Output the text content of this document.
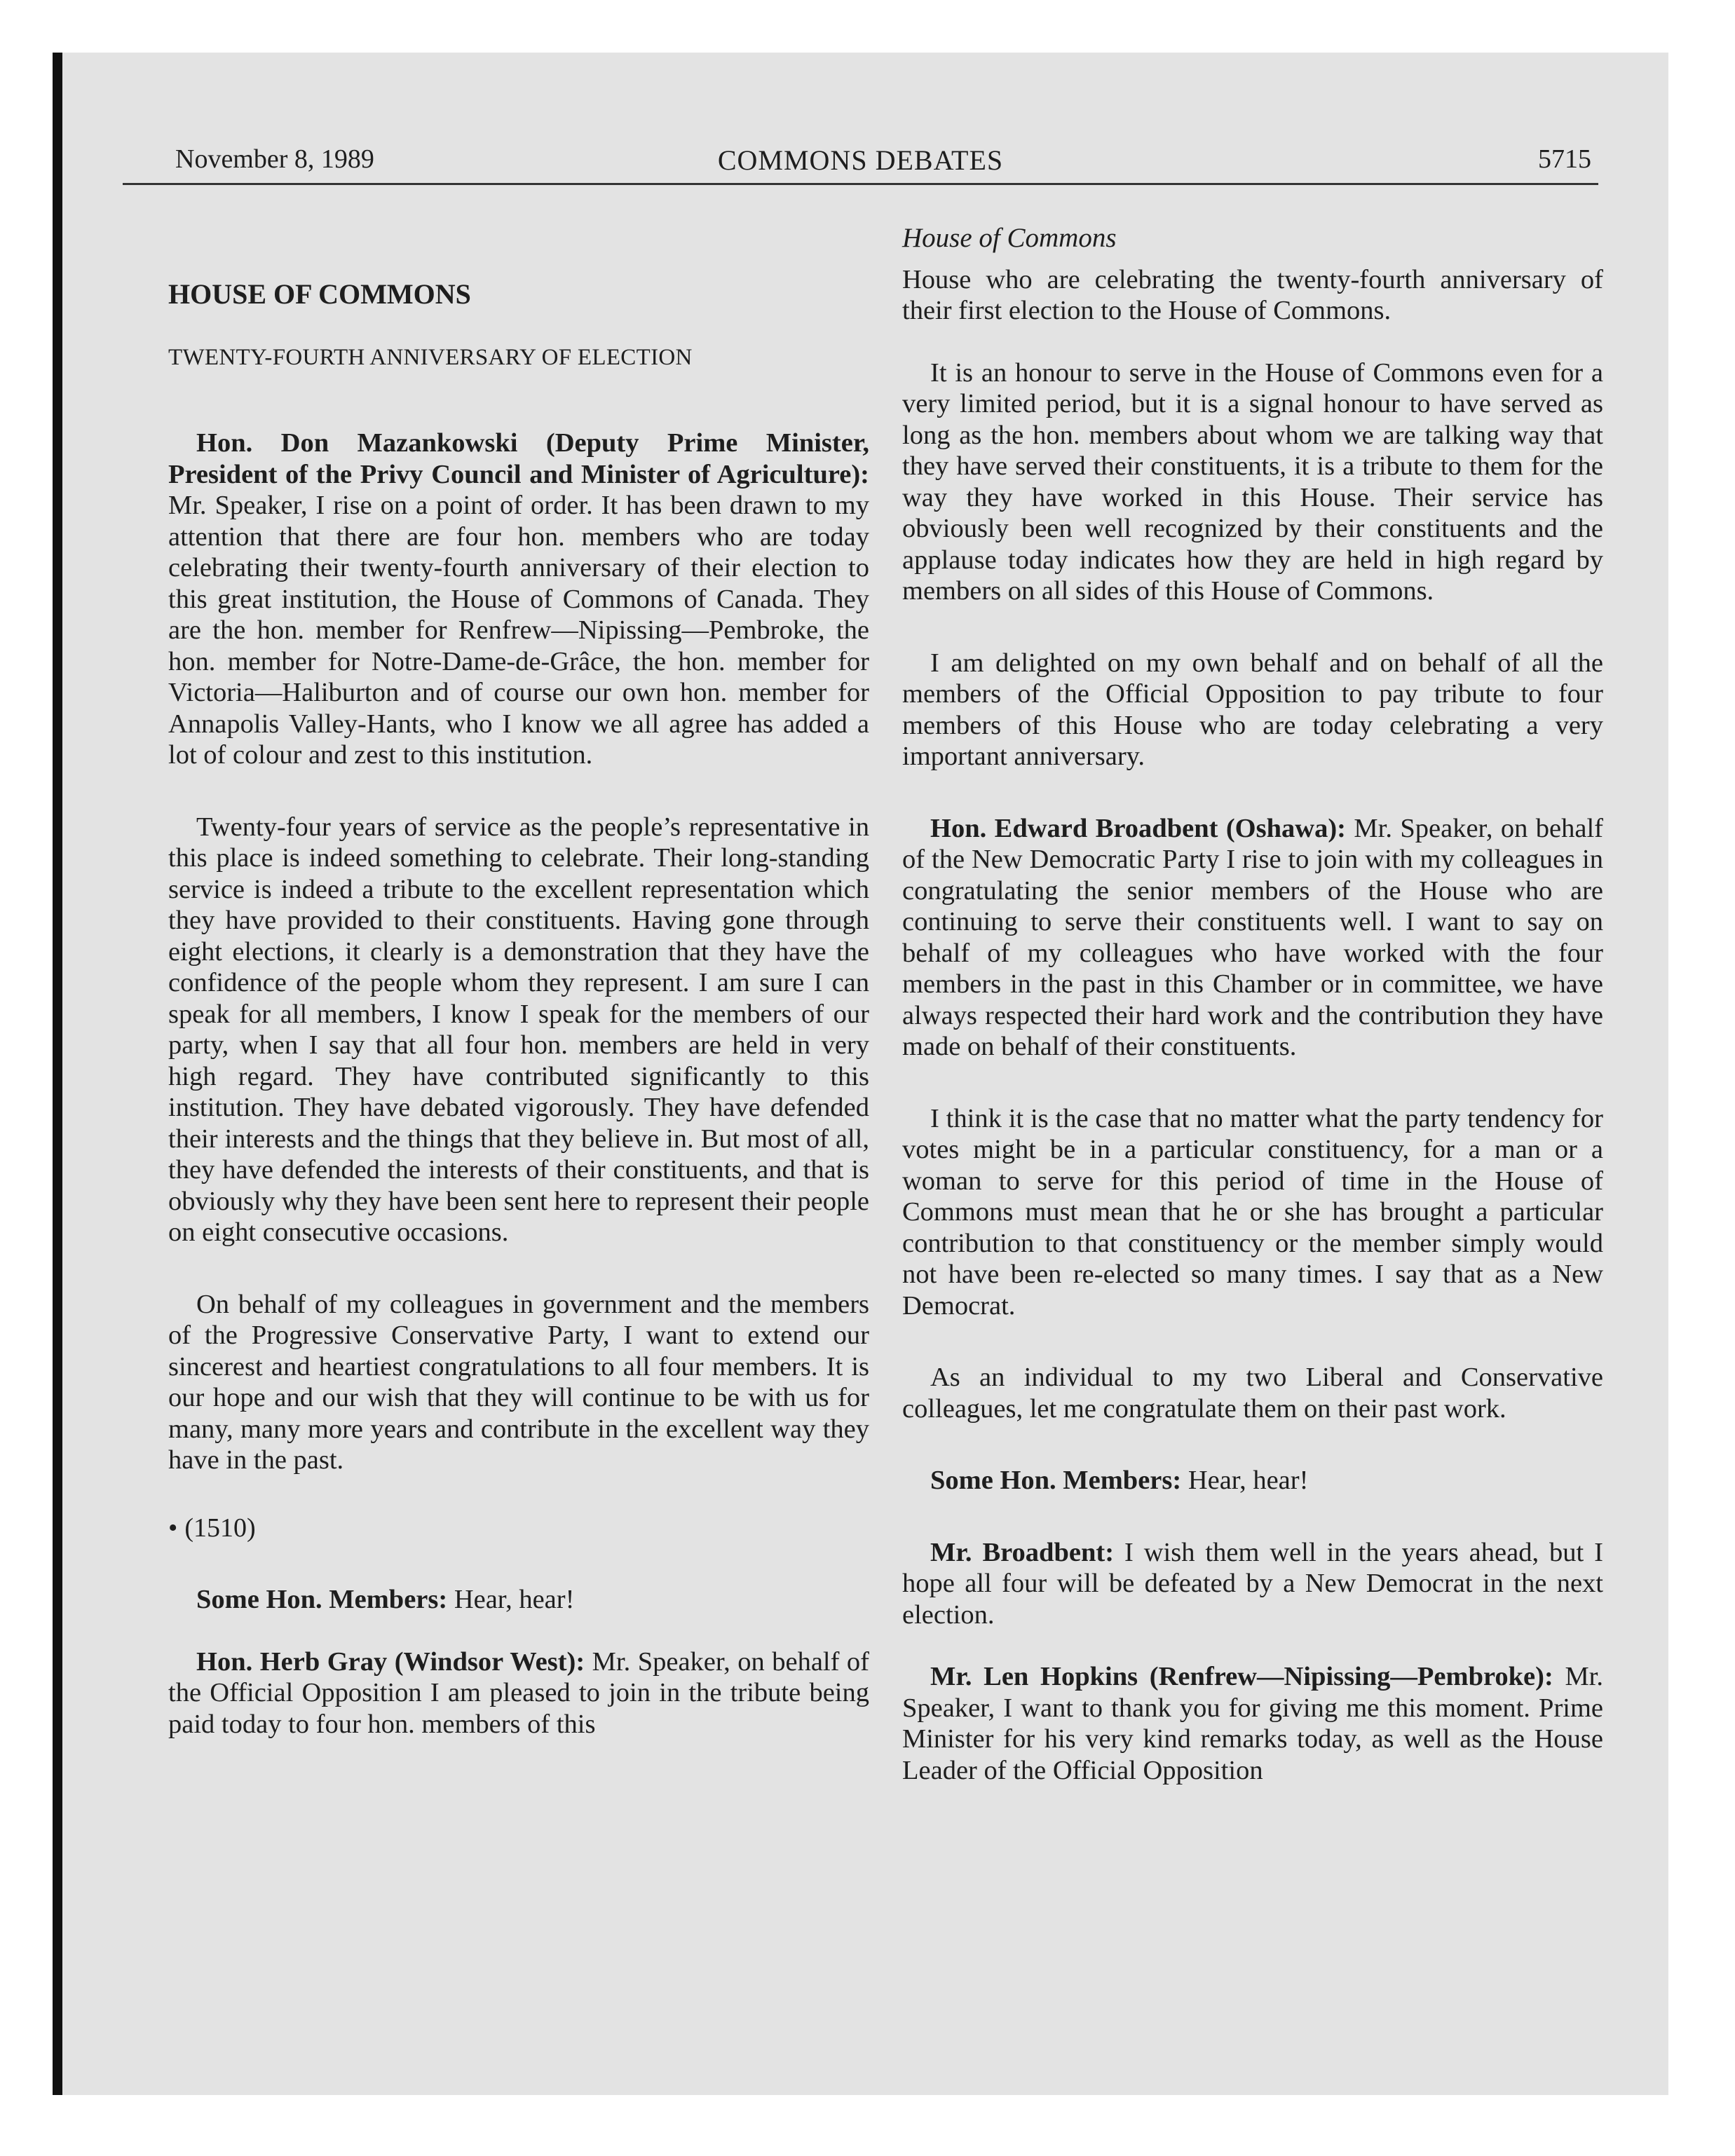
November 8, 1989	COMMONS DEBATES	5715

HOUSE OF COMMONS

TWENTY-FOURTH ANNIVERSARY OF ELECTION

Hon. Don Mazankowski (Deputy Prime Minister, President of the Privy Council and Minister of Agriculture): Mr. Speaker, I rise on a point of order. It has been drawn to my attention that there are four hon. members who are today celebrating their twenty-fourth anniversary of their election to this great institution, the House of Commons of Canada. They are the hon. member for Renfrew—Nipissing—Pembroke, the hon. member for Notre-Dame-de-Grâce, the hon. member for Victoria—Haliburton and of course our own hon. member for Annapolis Valley-Hants, who I know we all agree has added a lot of colour and zest to this institution.

Twenty-four years of service as the people’s representative in this place is indeed something to celebrate. Their long-standing service is indeed a tribute to the excellent representation which they have provided to their constituents. Having gone through eight elections, it clearly is a demonstration that they have the confidence of the people whom they represent. I am sure I can speak for all members, I know I speak for the members of our party, when I say that all four hon. members are held in very high regard. They have contributed significantly to this institution. They have debated vigorously. They have defended their interests and the things that they believe in. But most of all, they have defended the interests of their constituents, and that is obviously why they have been sent here to represent their people on eight consecutive occasions.

On behalf of my colleagues in government and the members of the Progressive Conservative Party, I want to extend our sincerest and heartiest congratulations to all four members. It is our hope and our wish that they will continue to be with us for many, many more years and contribute in the excellent way they have in the past.

• (1510)

Some Hon. Members: Hear, hear!

Hon. Herb Gray (Windsor West): Mr. Speaker, on behalf of the Official Opposition I am pleased to join in the tribute being paid today to four hon. members of this

House of Commons

House who are celebrating the twenty-fourth anniversary of their first election to the House of Commons.

It is an honour to serve in the House of Commons even for a very limited period, but it is a signal honour to have served as long as the hon. members about whom we are talking way that they have served their constituents, it is a tribute to them for the way they have worked in this House. Their service has obviously been well recognized by their constituents and the applause today indicates how they are held in high regard by members on all sides of this House of Commons.

I am delighted on my own behalf and on behalf of all the members of the Official Opposition to pay tribute to four members of this House who are today celebrating a very important anniversary.

Hon. Edward Broadbent (Oshawa): Mr. Speaker, on behalf of the New Democratic Party I rise to join with my colleagues in congratulating the senior members of the House who are continuing to serve their constituents well. I want to say on behalf of my colleagues who have worked with the four members in the past in this Chamber or in committee, we have always respected their hard work and the contribution they have made on behalf of their constituents.

I think it is the case that no matter what the party tendency for votes might be in a particular constituency, for a man or a woman to serve for this period of time in the House of Commons must mean that he or she has brought a particular contribution to that constituency or the member simply would not have been re-elected so many times. I say that as a New Democrat.

As an individual to my two Liberal and Conservative colleagues, let me congratulate them on their past work.

Some Hon. Members: Hear, hear!

Mr. Broadbent: I wish them well in the years ahead, but I hope all four will be defeated by a New Democrat in the next election.

Mr. Len Hopkins (Renfrew—Nipissing—Pembroke): Mr. Speaker, I want to thank you for giving me this moment. Prime Minister for his very kind remarks today, as well as the House Leader of the Official Opposition
